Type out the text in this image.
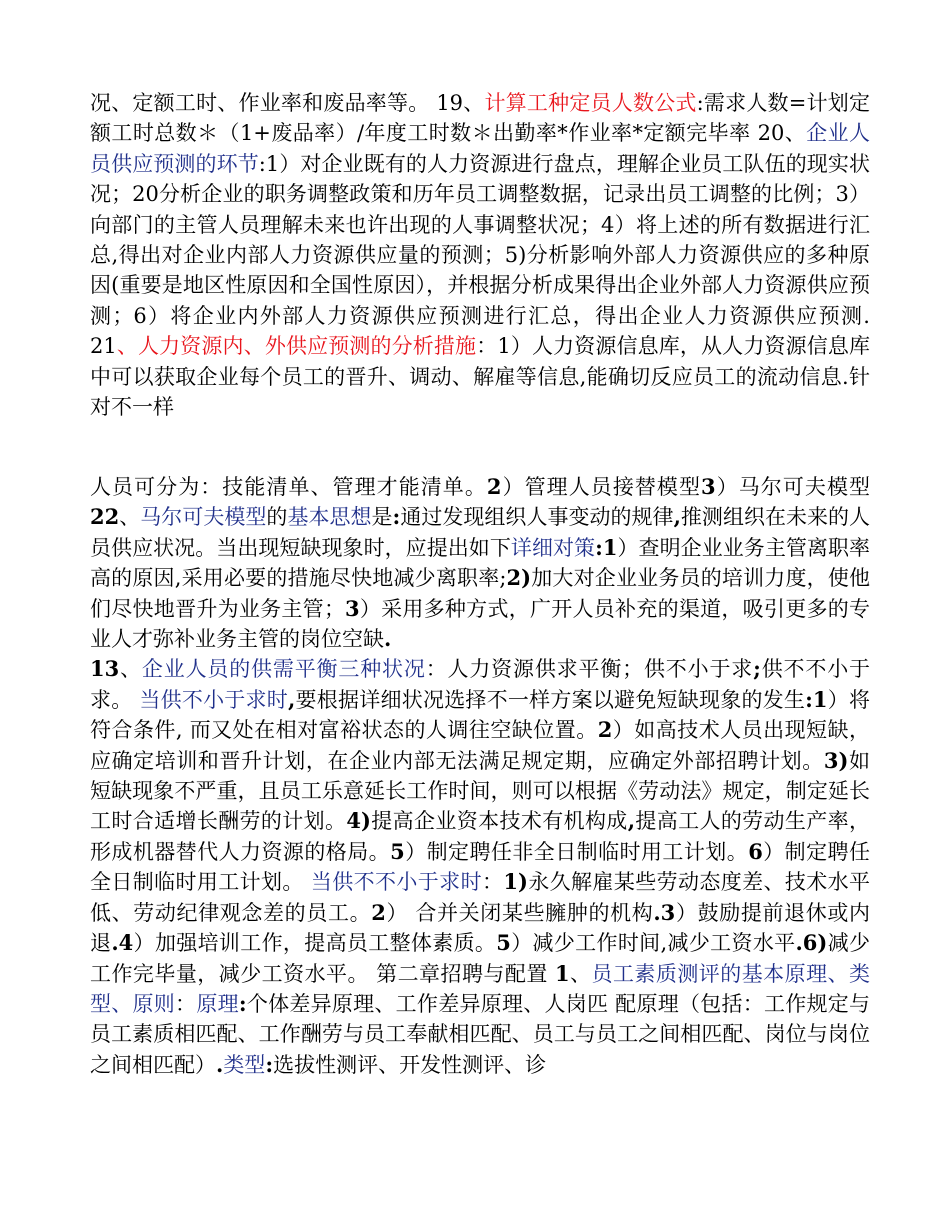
况、定额工时、作业率和废品率等。 19、计算工种定员人数公式:需求人数=计划定额工时总数＊（1+废品率）/年度工时数＊出勤率*作业率*定额完毕率 20、企业人员供应预测的环节:1）对企业既有的人力资源进行盘点，理解企业员工队伍的现实状况；20分析企业的职务调整政策和历年员工调整数据，记录出员工调整的比例；3）向部门的主管人员理解未来也许出现的人事调整状况；4）将上述的所有数据进行汇总,得出对企业内部人力资源供应量的预测；5)分析影响外部人力资源供应的多种原因(重要是地区性原因和全国性原因），并根据分析成果得出企业外部人力资源供应预测；6）将企业内外部人力资源供应预测进行汇总，得出企业人力资源供应预测. 21、人力资源内、外供应预测的分析措施：1）人力资源信息库，从人力资源信息库中可以获取企业每个员工的晋升、调动、解雇等信息,能确切反应员工的流动信息.针对不一样
人员可分为：技能清单、管理才能清单。2）管理人员接替模型3）马尔可夫模型22、马尔可夫模型的基本思想是:通过发现组织人事变动的规律,推测组织在未来的人员供应状况。当出现短缺现象时，应提出如下详细对策:1）查明企业业务主管离职率高的原因,采用必要的措施尽快地减少离职率;2)加大对企业业务员的培训力度，使他们尽快地晋升为业务主管；3）采用多种方式，广开人员补充的渠道，吸引更多的专业人才弥补业务主管的岗位空缺.
13、企业人员的供需平衡三种状况：人力资源供求平衡；供不小于求;供不不小于求。 当供不小于求时,要根据详细状况选择不一样方案以避免短缺现象的发生:1）将符合条件, 而又处在相对富裕状态的人调往空缺位置。2）如高技术人员出现短缺，应确定培训和晋升计划，在企业内部无法满足规定期，应确定外部招聘计划。3)如短缺现象不严重，且员工乐意延长工作时间，则可以根据《劳动法》规定，制定延长工时合适增长酬劳的计划。4)提高企业资本技术有机构成,提高工人的劳动生产率，形成机器替代人力资源的格局。5）制定聘任非全日制临时用工计划。6）制定聘任全日制临时用工计划。 当供不不小于求时：1)永久解雇某些劳动态度差、技术水平低、劳动纪律观念差的员工。2） 合并关闭某些臃肿的机构.3）鼓励提前退休或内退.4）加强培训工作，提高员工整体素质。5）减少工作时间,减少工资水平.6)减少工作完毕量，减少工资水平。 第二章招聘与配置 1、员工素质测评的基本原理、类型、原则：原理:个体差异原理、工作差异原理、人岗匹 配原理（包括：工作规定与员工素质相匹配、工作酬劳与员工奉献相匹配、员工与员工之间相匹配、岗位与岗位之间相匹配）.类型:选拔性测评、开发性测评、诊
